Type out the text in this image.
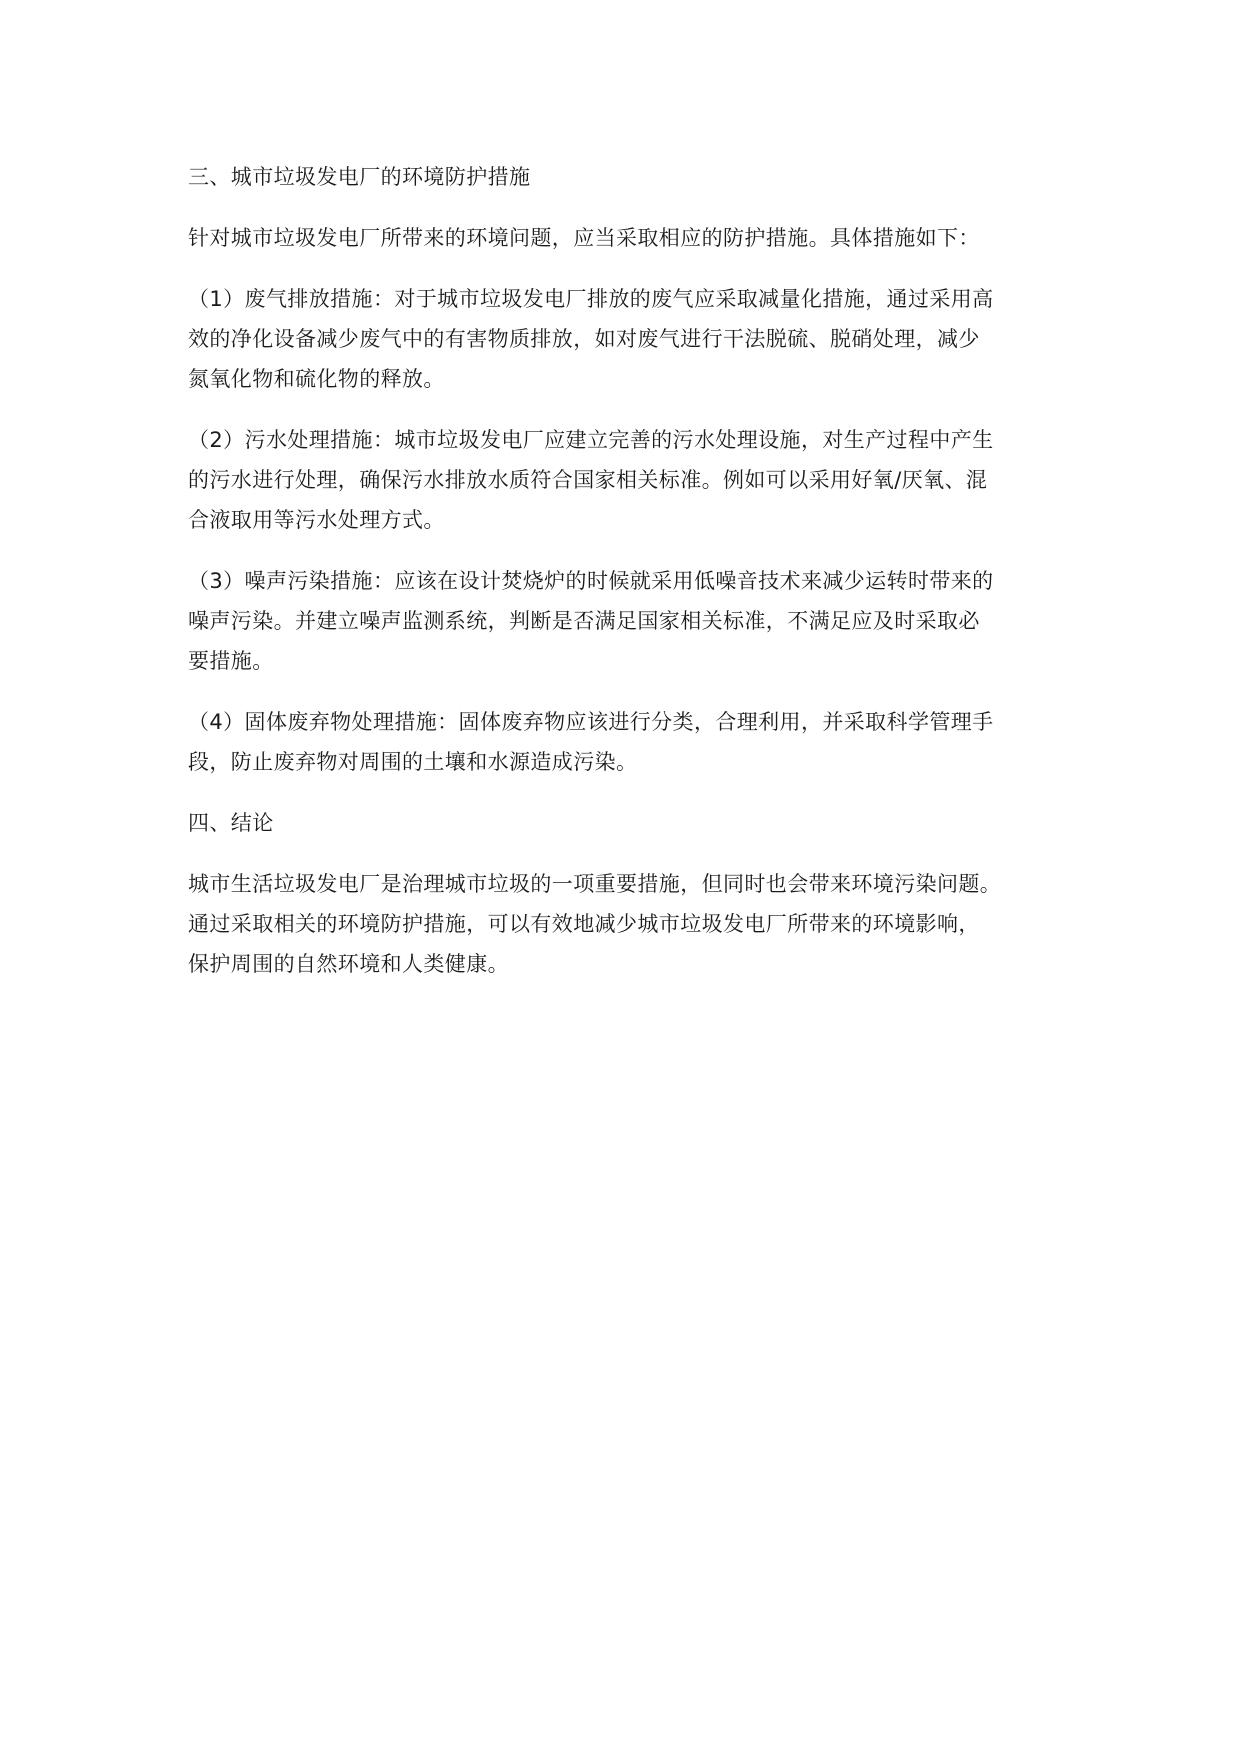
三、城市垃圾发电厂的环境防护措施
针对城市垃圾发电厂所带来的环境问题，应当采取相应的防护措施。具体措施如下：
（1）废气排放措施：对于城市垃圾发电厂排放的废气应采取减量化措施，通过采用高
效的净化设备减少废气中的有害物质排放，如对废气进行干法脱硫、脱硝处理，减少
氮氧化物和硫化物的释放。
（2）污水处理措施：城市垃圾发电厂应建立完善的污水处理设施，对生产过程中产生
的污水进行处理，确保污水排放水质符合国家相关标准。例如可以采用好氧/厌氧、混
合液取用等污水处理方式。
（3）噪声污染措施：应该在设计焚烧炉的时候就采用低噪音技术来减少运转时带来的
噪声污染。并建立噪声监测系统，判断是否满足国家相关标准，不满足应及时采取必
要措施。
（4）固体废弃物处理措施：固体废弃物应该进行分类，合理利用，并采取科学管理手
段，防止废弃物对周围的土壤和水源造成污染。
四、结论
城市生活垃圾发电厂是治理城市垃圾的一项重要措施，但同时也会带来环境污染问题。
通过采取相关的环境防护措施，可以有效地减少城市垃圾发电厂所带来的环境影响，
保护周围的自然环境和人类健康。
